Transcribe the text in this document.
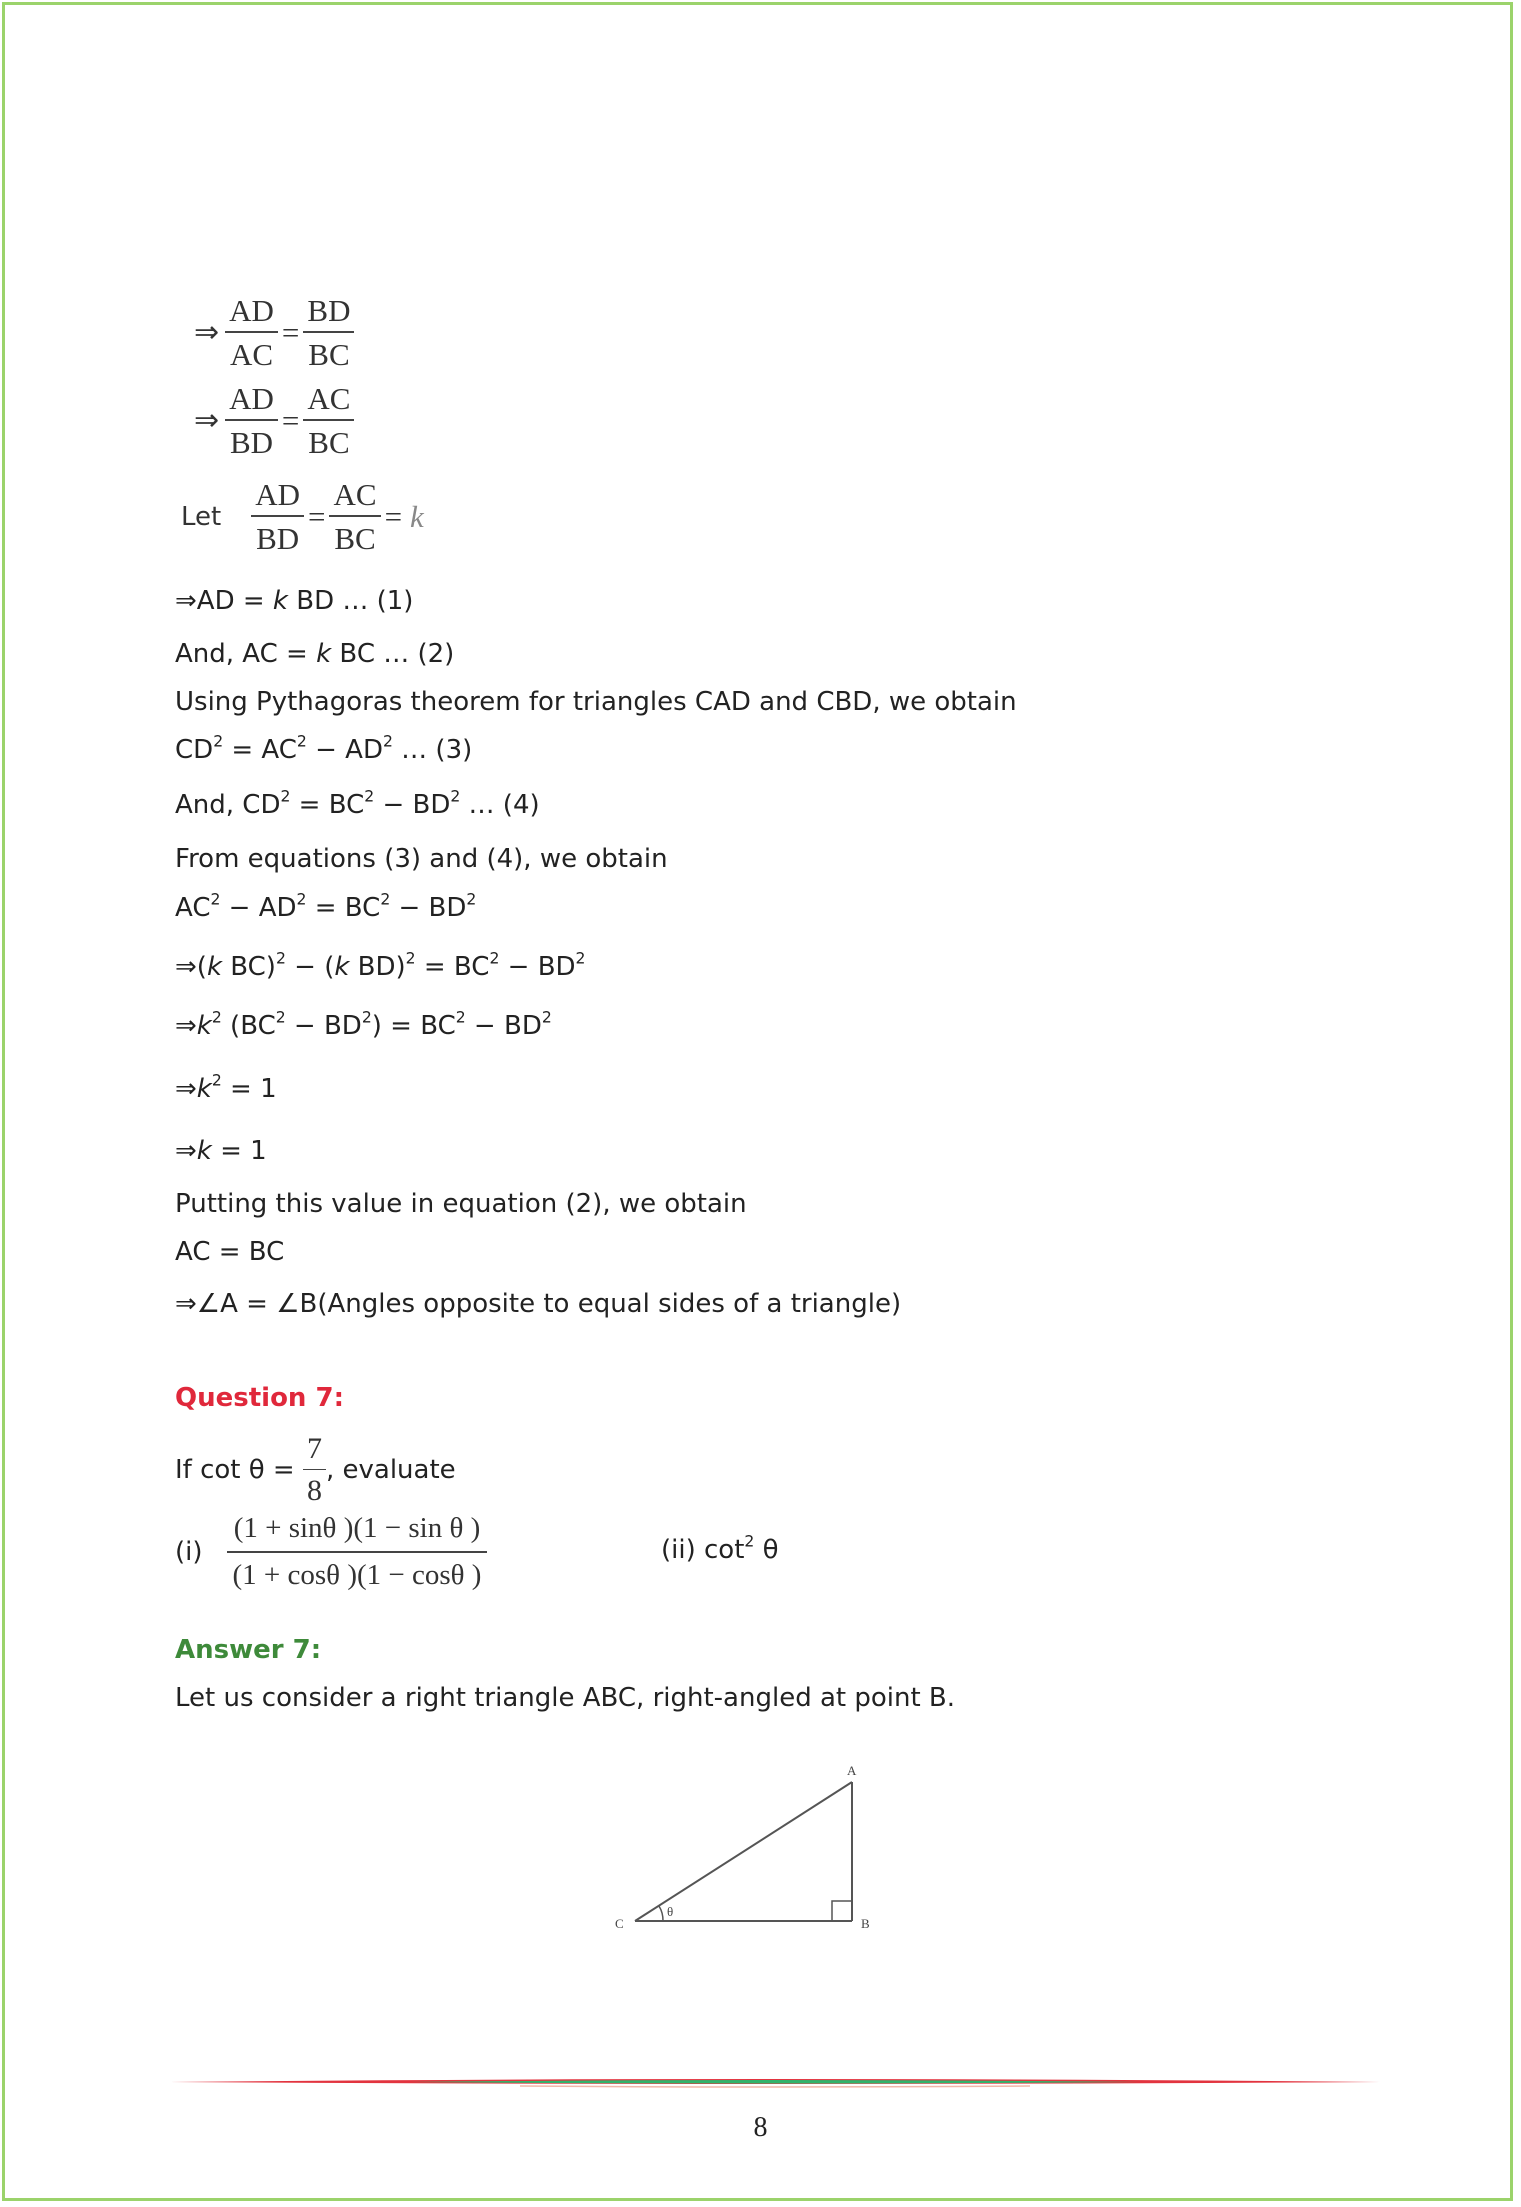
⇒ $\frac{AD}{AC} = \frac{BD}{BC}$
⇒ $\frac{AD}{BD} = \frac{AC}{BC}$
Let $\frac{AD}{BD} = \frac{AC}{BC} = k$
⇒AD = k BD … (1)
And, AC = k BC … (2)
Using Pythagoras theorem for triangles CAD and CBD, we obtain
$CD^2 = AC^2 - AD^2$ … (3)
And, $CD^2 = BC^2 - BD^2$ … (4)
From equations (3) and (4), we obtain
$AC^2 - AD^2 = BC^2 - BD^2$
⇒(k BC)$^2$ − (k $BD)^2 = BC^2 - BD^2$
$\Rightarrow k^2$ $(BC^2 - BD^2) = BC^2 - BD^2$
$\Rightarrow k^2 = 1$
⇒k = 1
Putting this value in equation (2), we obtain
AC = BC
⇒∠A = ∠B(Angles opposite to equal sides of a triangle)
Question 7:
If $\cot \theta = \frac{7}{8}$ , evaluate
$(i) \frac{\text{(1 + sinθ )(1 − sin θ )}}{(1 + \cos\theta )(1 - \cos\theta )}$	(ii) $\cot^2 \theta$
Answer 7:
Let us consider a right triangle ABC, right-angled at point B.
A
B
C
θ
8
